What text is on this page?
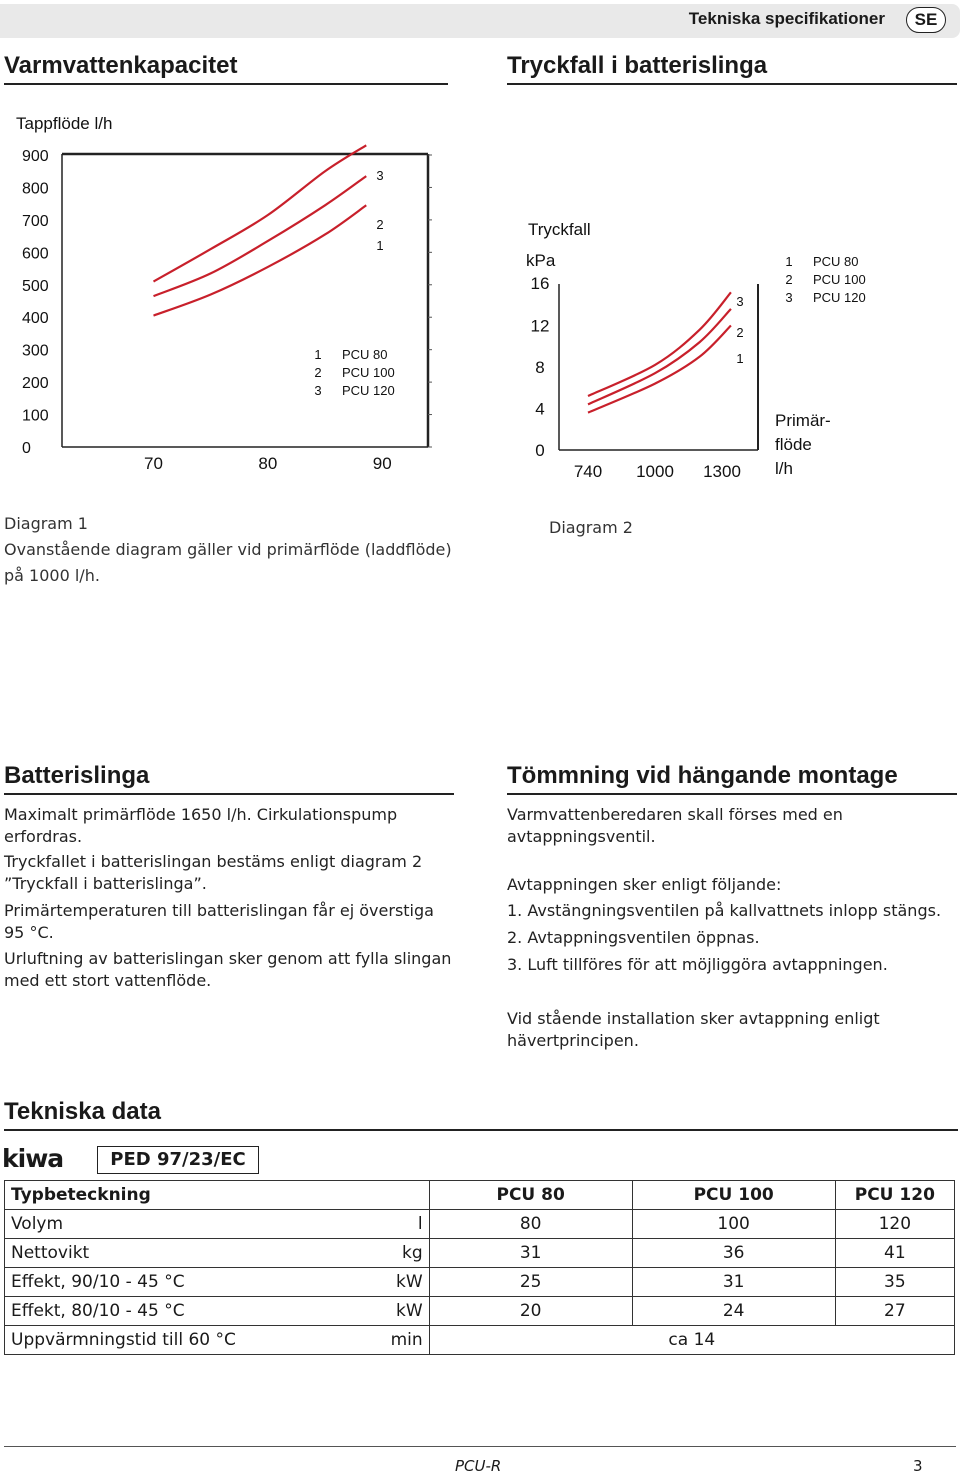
Tekniska specifikationer	SE
Varmvattenkapacitet	Tryckfall i batterislinga
Tappflöde l/h
900
800
700
600
500
400
300
200
100
0
70	80	90
3
2
1
1 PCU 80
2 PCU 100
3 PCU 120
Tryckfall
kPa
16
12
8
4
0
740 1000 1300
Primär-
flöde
l/h
3
2
1
1 PCU 80
2 PCU 100
3 PCU 120
Diagram 1
Ovanstående diagram gäller vid primärflöde (laddflöde) på 1000 l/h.
Diagram 2
Batterislinga
Maximalt primärflöde 1650 l/h. Cirkulationspump erfordras.
Tryckfallet i batterislingan bestäms enligt diagram 2 ”Tryckfall i batterislinga”.
Primärtemperaturen till batterislingan får ej överstiga 95 °C.
Urluftning av batterislingan sker genom att fylla slingan med ett stort vattenflöde.
Tömmning vid hängande montage
Varmvattenberedaren skall förses med en avtappningsventil.
Avtappningen sker enligt följande:
1. Avstängningsventilen på kallvattnets inlopp stängs.
2. Avtappningsventilen öppnas.
3. Luft tillföres för att möjliggöra avtappningen.
Vid stående installation sker avtappning enligt hävertprincipen.
Tekniska data
kiwa	PED 97/23/EC
Typbeteckning		PCU 80	PCU 100	PCU 120
Volym	l	80	100	120
Nettovikt	kg	31	36	41
Effekt, 90/10 - 45 °C	kW	25	31	35
Effekt, 80/10 - 45 °C	kW	20	24	27
Uppvärmningstid till 60 °C	min	ca 14		
PCU-R	3
